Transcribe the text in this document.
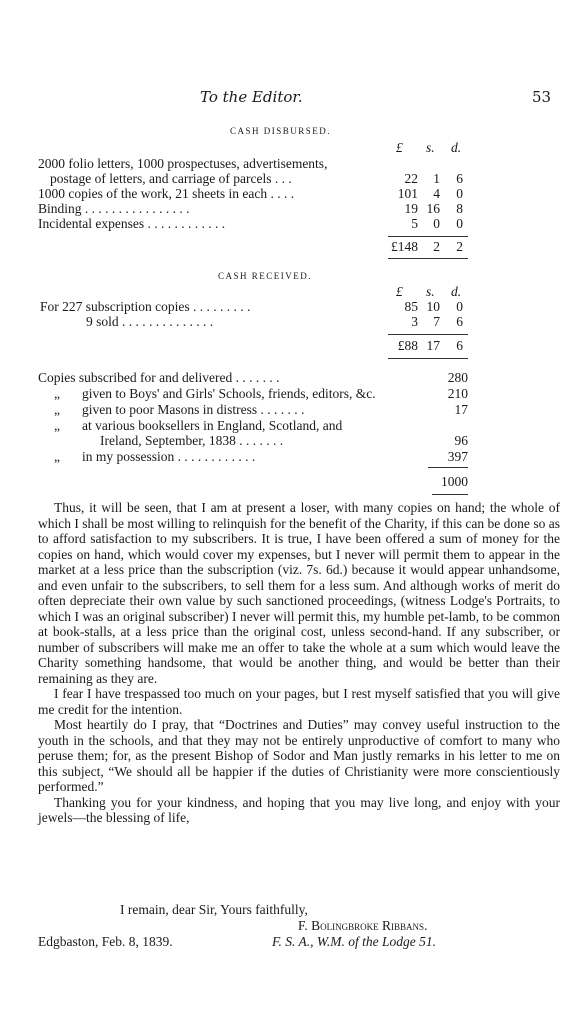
To the Editor.	53
CASH DISBURSED.
£ s. d.
2000 folio letters, 1000 prospectuses, advertisements,
postage of letters, and carriage of parcels . . .	22	1	6
1000 copies of the work, 21 sheets in each . . . .	101	4	0
Binding . . . . . . . . . . . . . . . .	19 16	8
Incidental expenses . . . . . . . . . . . .	5	0	0
£148	2	2
CASH RECEIVED.
£ s. d.
For 227 subscription copies . . . . . . . . .	85 10	0
9 sold . . . . . . . . . . . . . .	3	7	6
£88 17	6
Copies subscribed for and delivered . . . . . . .	280
„ given to Boys' and Girls' Schools, friends, editors, &c.	210
„ given to poor Masons in distress . . . . . . .	17
„ at various booksellers in England, Scotland, and
Ireland, September, 1838 . . . . . . .	96
„ in my possession . . . . . . . . . . . .	397
1000

Thus, it will be seen, that I am at present a loser, with many copies on hand; the whole of which I shall be most willing to relinquish for the benefit of the Charity, if this can be done so as to afford satisfaction to my subscribers. It is true, I have been offered a sum of money for the copies on hand, which would cover my expenses, but I never will permit them to appear in the market at a less price than the subscription (viz. 7s. 6d.) because it would appear unhandsome, and even unfair to the subscribers, to sell them for a less sum. And although works of merit do often depreciate their own value by such sanctioned proceedings, (witness Lodge's Portraits, to which I was an original subscriber) I never will permit this, my humble pet-lamb, to be common at book-stalls, at a less price than the original cost, unless second-hand. If any subscriber, or number of subscribers will make me an offer to take the whole at a sum which would leave the Charity something handsome, that would be another thing, and would be better than their remaining as they are.

I fear I have trespassed too much on your pages, but I rest myself satisfied that you will give me credit for the intention.

Most heartily do I pray, that “Doctrines and Duties” may convey useful instruction to the youth in the schools, and that they may not be entirely unproductive of comfort to many who peruse them; for, as the present Bishop of Sodor and Man justly remarks in his letter to me on this subject, “We should all be happier if the duties of Christianity were more conscientiously performed.”

Thanking you for your kindness, and hoping that you may live long, and enjoy with your jewels—the blessing of life,

I remain, dear Sir, Yours faithfully,
F. Bolingbroke Ribbans.
Edgbaston, Feb. 8, 1839.	F. S. A., W.M. of the Lodge 51.
